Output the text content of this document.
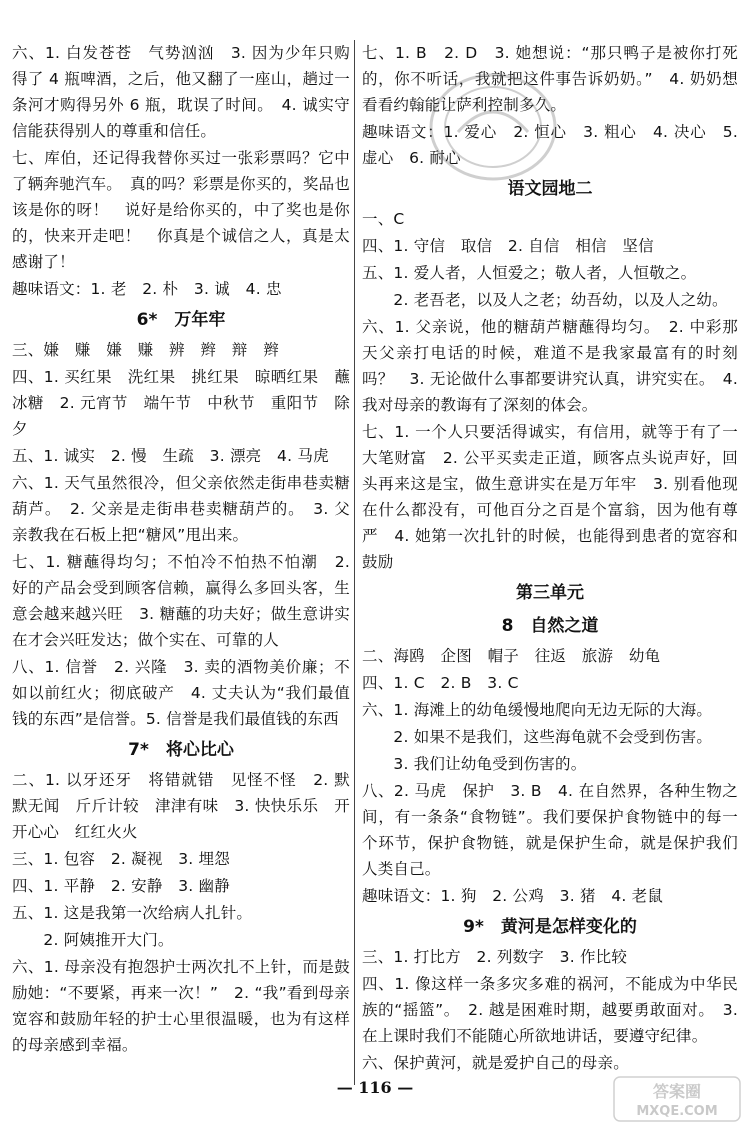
六、1. 白发苍苍　气势汹汹　3. 因为少年只购得了 4 瓶啤酒，之后，他又翻了一座山，趟过一条河才购得另外 6 瓶，耽误了时间。　4. 诚实守信能获得别人的尊重和信任。
七、库伯，还记得我替你买过一张彩票吗？它中了辆奔驰汽车。　真的吗？彩票是你买的，奖品也该是你的呀！　说好是给你买的，中了奖也是你的，快来开走吧！　你真是个诚信之人，真是太感谢了！
趣味语文：1. 老　2. 朴　3. 诚　4. 忠
6*　万年牢
三、嫌　赚　嫌　赚　辨　辫　辩　辫
四、1. 买红果　洗红果　挑红果　晾晒红果　蘸冰糖　2. 元宵节　端午节　中秋节　重阳节　除夕
五、1. 诚实　2. 慢　生疏　3. 漂亮　4. 马虎
六、1. 天气虽然很冷，但父亲依然走街串巷卖糖葫芦。　2. 父亲是走街串巷卖糖葫芦的。　3. 父亲教我在石板上把“糖风”甩出来。
七、1. 糖蘸得均匀；不怕冷不怕热不怕潮　2. 好的产品会受到顾客信赖，赢得么多回头客，生意会越来越兴旺　3. 糖蘸的功夫好；做生意讲实在才会兴旺发达；做个实在、可靠的人
八、1. 信誉　2. 兴隆　3. 卖的酒物美价廉；不如以前红火；彻底破产　4. 丈夫认为“我们最值钱的东西”是信誉。5. 信誉是我们最值钱的东西
7*　将心比心
二、1. 以牙还牙　将错就错　见怪不怪　2. 默默无闻　斤斤计较　津津有味　3. 快快乐乐　开开心心　红红火火
三、1. 包容　2. 凝视　3. 埋怨
四、1. 平静　2. 安静　3. 幽静
五、1. 这是我第一次给病人扎针。
　　2. 阿姨推开大门。
六、1. 母亲没有抱怨护士两次扎不上针，而是鼓励她：“不要紧，再来一次！”　2. “我”看到母亲宽容和鼓励年轻的护士心里很温暖，也为有这样的母亲感到幸福。
七、1. B　2. D　3. 她想说：“那只鸭子是被你打死的，你不听话，我就把这件事告诉奶奶。”　4. 奶奶想看看约翰能让萨利控制多久。
趣味语文：1. 爱心　2. 恒心　3. 粗心　4. 决心　5. 虚心　6. 耐心
语文园地二
一、C
四、1. 守信　取信　2. 自信　相信　坚信
五、1. 爱人者，人恒爱之；敬人者，人恒敬之。
　　2. 老吾老，以及人之老；幼吾幼，以及人之幼。
六、1. 父亲说，他的糖葫芦糖蘸得均匀。　2. 中彩那天父亲打电话的时候，难道不是我家最富有的时刻吗？　3. 无论做什么事都要讲究认真，讲究实在。　4. 我对母亲的教诲有了深刻的体会。
七、1. 一个人只要活得诚实，有信用，就等于有了一大笔财富　2. 公平买卖走正道，顾客点头说声好，回头再来这是宝，做生意讲实在是万年牢　3. 别看他现在什么都没有，可他百分之百是个富翁，因为他有尊严　4. 她第一次扎针的时候，也能得到患者的宽容和鼓励
第三单元
8　自然之道
二、海鸥　企图　帽子　往返　旅游　幼龟
四、1. C　2. B　3. C
六、1. 海滩上的幼龟缓慢地爬向无边无际的大海。
　　2. 如果不是我们，这些海龟就不会受到伤害。
　　3. 我们让幼龟受到伤害的。
八、2. 马虎　保护　3. B　4. 在自然界，各种生物之间，有一条条“食物链”。我们要保护食物链中的每一个环节，保护食物链，就是保护生命，就是保护我们人类自己。
趣味语文：1. 狗　2. 公鸡　3. 猪　4. 老鼠
9*　黄河是怎样变化的
三、1. 打比方　2. 列数字　3. 作比较
四、1. 像这样一条多灾多难的祸河，不能成为中华民族的“摇篮”。　2. 越是困难时期，越要勇敢面对。　3. 在上课时我们不能随心所欲地讲话，要遵守纪律。
六、保护黄河，就是爱护自己的母亲。
— 116 —	答案圈
MXQE.COM
